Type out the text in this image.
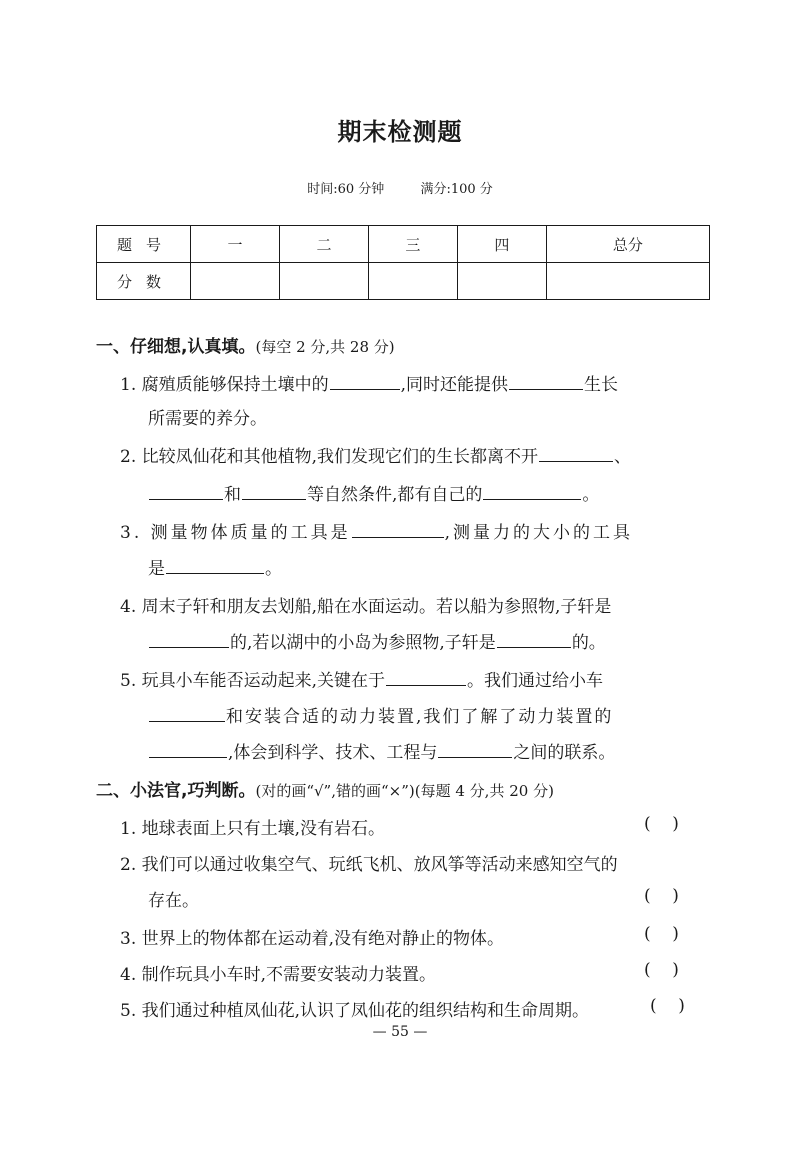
期末检测题
时间:60 分钟	满分:100 分
题号	一	二	三	四	总分
分数					
一、仔细想,认真填。(每空 2 分,共 28 分)
1. 腐殖质能够保持土壤中的	,同时还能提供	生长
所需要的养分。
2. 比较凤仙花和其他植物,我们发现它们的生长都离不开	、
和	等自然条件,都有自己的	。
3. 测量物体质量的工具是	,测量力的大小的工具
是	。
4. 周末子轩和朋友去划船,船在水面运动。若以船为参照物,子轩是
的,若以湖中的小岛为参照物,子轩是	的。
5. 玩具小车能否运动起来,关键在于	。我们通过给小车
和安装合适的动力装置,我们了解了动力装置的
,体会到科学、技术、工程与	之间的联系。
二、小法官,巧判断。(对的画“√”,错的画“×”)(每题 4 分,共 20 分)
1. 地球表面上只有土壤,没有岩石。	(    )
2. 我们可以通过收集空气、玩纸飞机、放风筝等活动来感知空气的
存在。	(    )
3. 世界上的物体都在运动着,没有绝对静止的物体。	(    )
4. 制作玩具小车时,不需要安装动力装置。	(    )
5. 我们通过种植凤仙花,认识了凤仙花的组织结构和生命周期。	(    )
— 55 —
